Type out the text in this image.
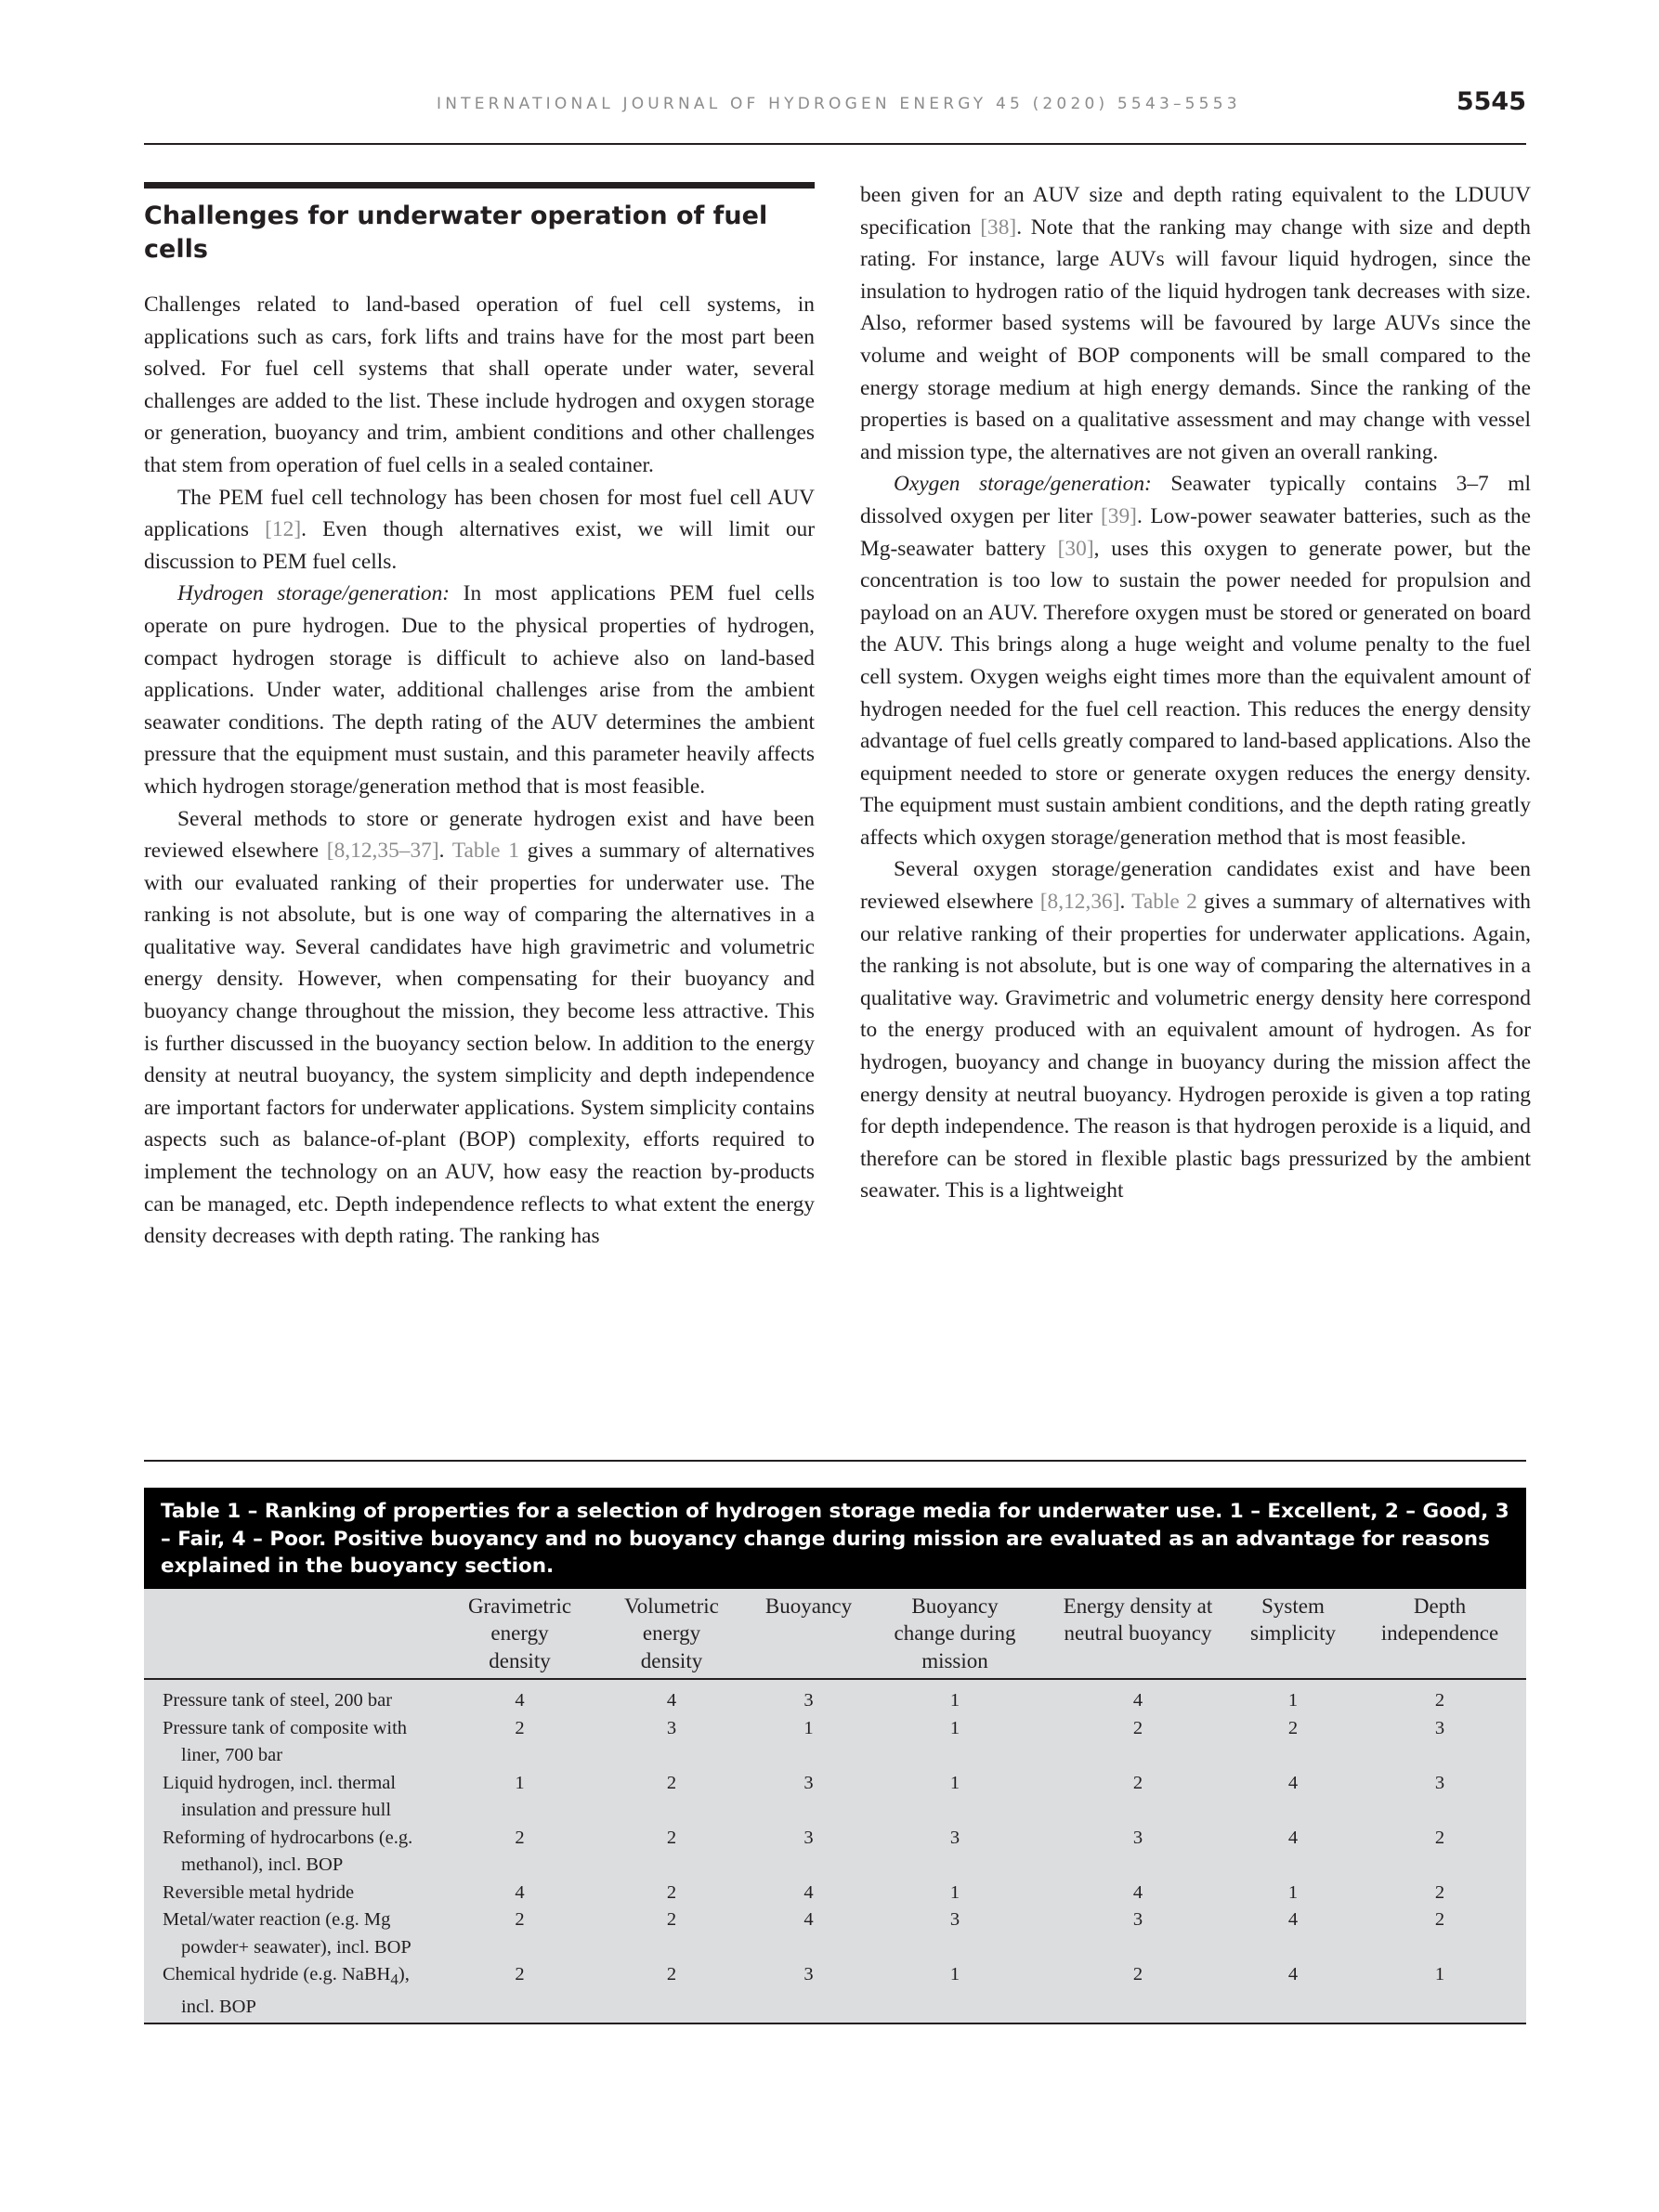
INTERNATIONAL JOURNAL OF HYDROGEN ENERGY 45 (2020) 5543–5553	5545
Challenges for underwater operation of fuel cells

Challenges related to land-based operation of fuel cell systems, in applications such as cars, fork lifts and trains have for the most part been solved. For fuel cell systems that shall operate under water, several challenges are added to the list. These include hydrogen and oxygen storage or generation, buoyancy and trim, ambient conditions and other challenges that stem from operation of fuel cells in a sealed container.

The PEM fuel cell technology has been chosen for most fuel cell AUV applications [12]. Even though alternatives exist, we will limit our discussion to PEM fuel cells.

Hydrogen storage/generation: In most applications PEM fuel cells operate on pure hydrogen. Due to the physical properties of hydrogen, compact hydrogen storage is difficult to achieve also on land-based applications. Under water, additional challenges arise from the ambient seawater conditions. The depth rating of the AUV determines the ambient pressure that the equipment must sustain, and this parameter heavily affects which hydrogen storage/generation method that is most feasible.

Several methods to store or generate hydrogen exist and have been reviewed elsewhere [8,12,35–37]. Table 1 gives a summary of alternatives with our evaluated ranking of their properties for underwater use. The ranking is not absolute, but is one way of comparing the alternatives in a qualitative way. Several candidates have high gravimetric and volumetric energy density. However, when compensating for their buoyancy and buoyancy change throughout the mission, they become less attractive. This is further discussed in the buoyancy section below. In addition to the energy density at neutral buoyancy, the system simplicity and depth independence are important factors for underwater applications. System simplicity contains aspects such as balance-of-plant (BOP) complexity, efforts required to implement the technology on an AUV, how easy the reaction by-products can be managed, etc. Depth independence reflects to what extent the energy density decreases with depth rating. The ranking has

been given for an AUV size and depth rating equivalent to the LDUUV specification [38]. Note that the ranking may change with size and depth rating. For instance, large AUVs will favour liquid hydrogen, since the insulation to hydrogen ratio of the liquid hydrogen tank decreases with size. Also, reformer based systems will be favoured by large AUVs since the volume and weight of BOP components will be small compared to the energy storage medium at high energy demands. Since the ranking of the properties is based on a qualitative assessment and may change with vessel and mission type, the alternatives are not given an overall ranking.

Oxygen storage/generation: Seawater typically contains 3–7 ml dissolved oxygen per liter [39]. Low-power seawater batteries, such as the Mg-seawater battery [30], uses this oxygen to generate power, but the concentration is too low to sustain the power needed for propulsion and payload on an AUV. Therefore oxygen must be stored or generated on board the AUV. This brings along a huge weight and volume penalty to the fuel cell system. Oxygen weighs eight times more than the equivalent amount of hydrogen needed for the fuel cell reaction. This reduces the energy density advantage of fuel cells greatly compared to land-based applications. Also the equipment needed to store or generate oxygen reduces the energy density. The equipment must sustain ambient conditions, and the depth rating greatly affects which oxygen storage/generation method that is most feasible.

Several oxygen storage/generation candidates exist and have been reviewed elsewhere [8,12,36]. Table 2 gives a summary of alternatives with our relative ranking of their properties for underwater applications. Again, the ranking is not absolute, but is one way of comparing the alternatives in a qualitative way. Gravimetric and volumetric energy density here correspond to the energy produced with an equivalent amount of hydrogen. As for hydrogen, buoyancy and change in buoyancy during the mission affect the energy density at neutral buoyancy. Hydrogen peroxide is given a top rating for depth independence. The reason is that hydrogen peroxide is a liquid, and therefore can be stored in flexible plastic bags pressurized by the ambient seawater. This is a lightweight

Table 1 – Ranking of properties for a selection of hydrogen storage media for underwater use. 1 – Excellent, 2 – Good, 3 – Fair, 4 – Poor. Positive buoyancy and no buoyancy change during mission are evaluated as an advantage for reasons explained in the buoyancy section.
	Gravimetric
energy
density	Volumetric
energy
density	Buoyancy	Buoyancy
change during
mission	Energy density at
neutral buoyancy	System
simplicity	Depth
independence
Pressure tank of steel, 200 bar	4	4	3	1	4	1	2

Pressure tank of composite with liner, 700 bar	2	3	1	1	2	2	3

Liquid hydrogen, incl. thermal insulation and pressure hull	1	2	3	1	2	4	3

Reforming of hydrocarbons (e.g. methanol), incl. BOP	2	2	3	3	3	4	2
Reversible metal hydride	4	2	4	1	4	1	2

Metal/water reaction (e.g. Mg powder+ seawater), incl. BOP	2	2	4	3	3	4	2

Chemical hydride (e.g. NaBH$_4$), incl. BOP	2	2	3	1	2	4	1
